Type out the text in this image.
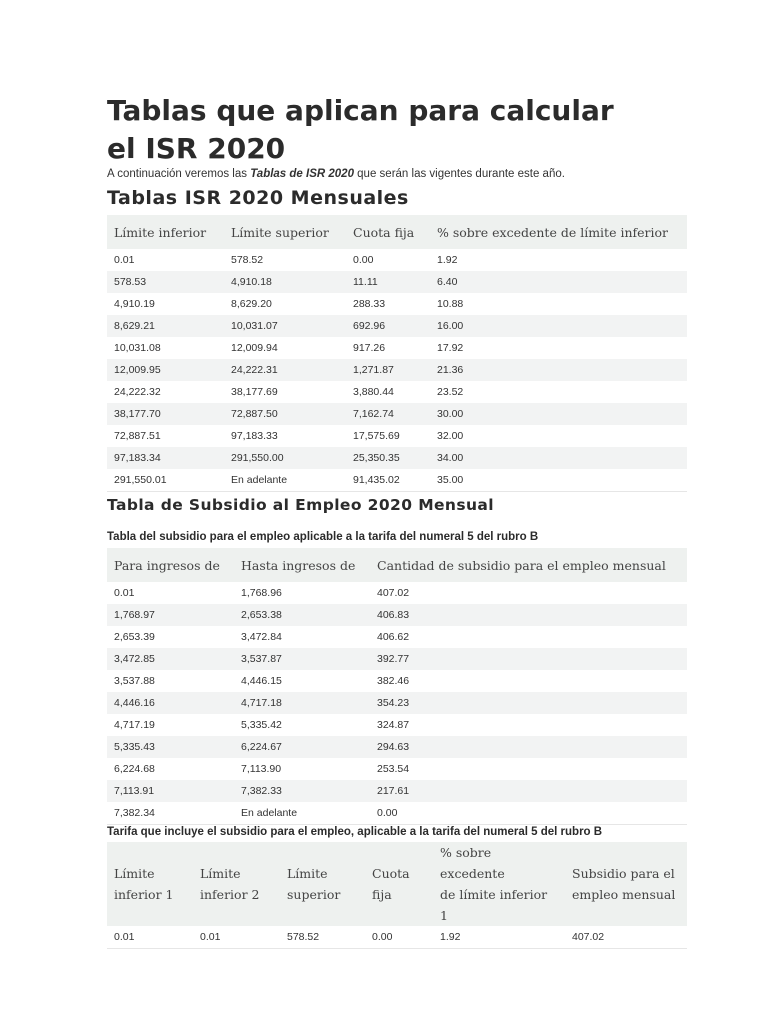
Tablas que aplican para calcular
el ISR 2020
A continuación veremos las Tablas de ISR 2020 que serán las vigentes durante este año.
Tablas ISR 2020 Mensuales
Límite inferior	Límite superior	Cuota fija	% sobre excedente de límite inferior
0.01	578.52	0.00	1.92
578.53	4,910.18	11.11	6.40
4,910.19	8,629.20	288.33	10.88
8,629.21	10,031.07	692.96	16.00
10,031.08	12,009.94	917.26	17.92
12,009.95	24,222.31	1,271.87	21.36
24,222.32	38,177.69	3,880.44	23.52
38,177.70	72,887.50	7,162.74	30.00
72,887.51	97,183.33	17,575.69	32.00
97,183.34	291,550.00	25,350.35	34.00
291,550.01	En adelante	91,435.02	35.00
Tabla de Subsidio al Empleo 2020 Mensual
Tabla del subsidio para el empleo aplicable a la tarifa del numeral 5 del rubro B
Para ingresos de	Hasta ingresos de	Cantidad de subsidio para el empleo mensual
0.01	1,768.96	407.02
1,768.97	2,653.38	406.83
2,653.39	3,472.84	406.62
3,472.85	3,537.87	392.77
3,537.88	4,446.15	382.46
4,446.16	4,717.18	354.23
4,717.19	5,335.42	324.87
5,335.43	6,224.67	294.63
6,224.68	7,113.90	253.54
7,113.91	7,382.33	217.61
7,382.34	En adelante	0.00
Tarifa que incluye el subsidio para el empleo, aplicable a la tarifa del numeral 5 del rubro B
Límite
inferior 1	Límite
inferior 2	Límite
superior	Cuota
fija	% sobre excedente
de límite inferior 1	Subsidio para el
empleo mensual
0.01	0.01	578.52	0.00	1.92	407.02
